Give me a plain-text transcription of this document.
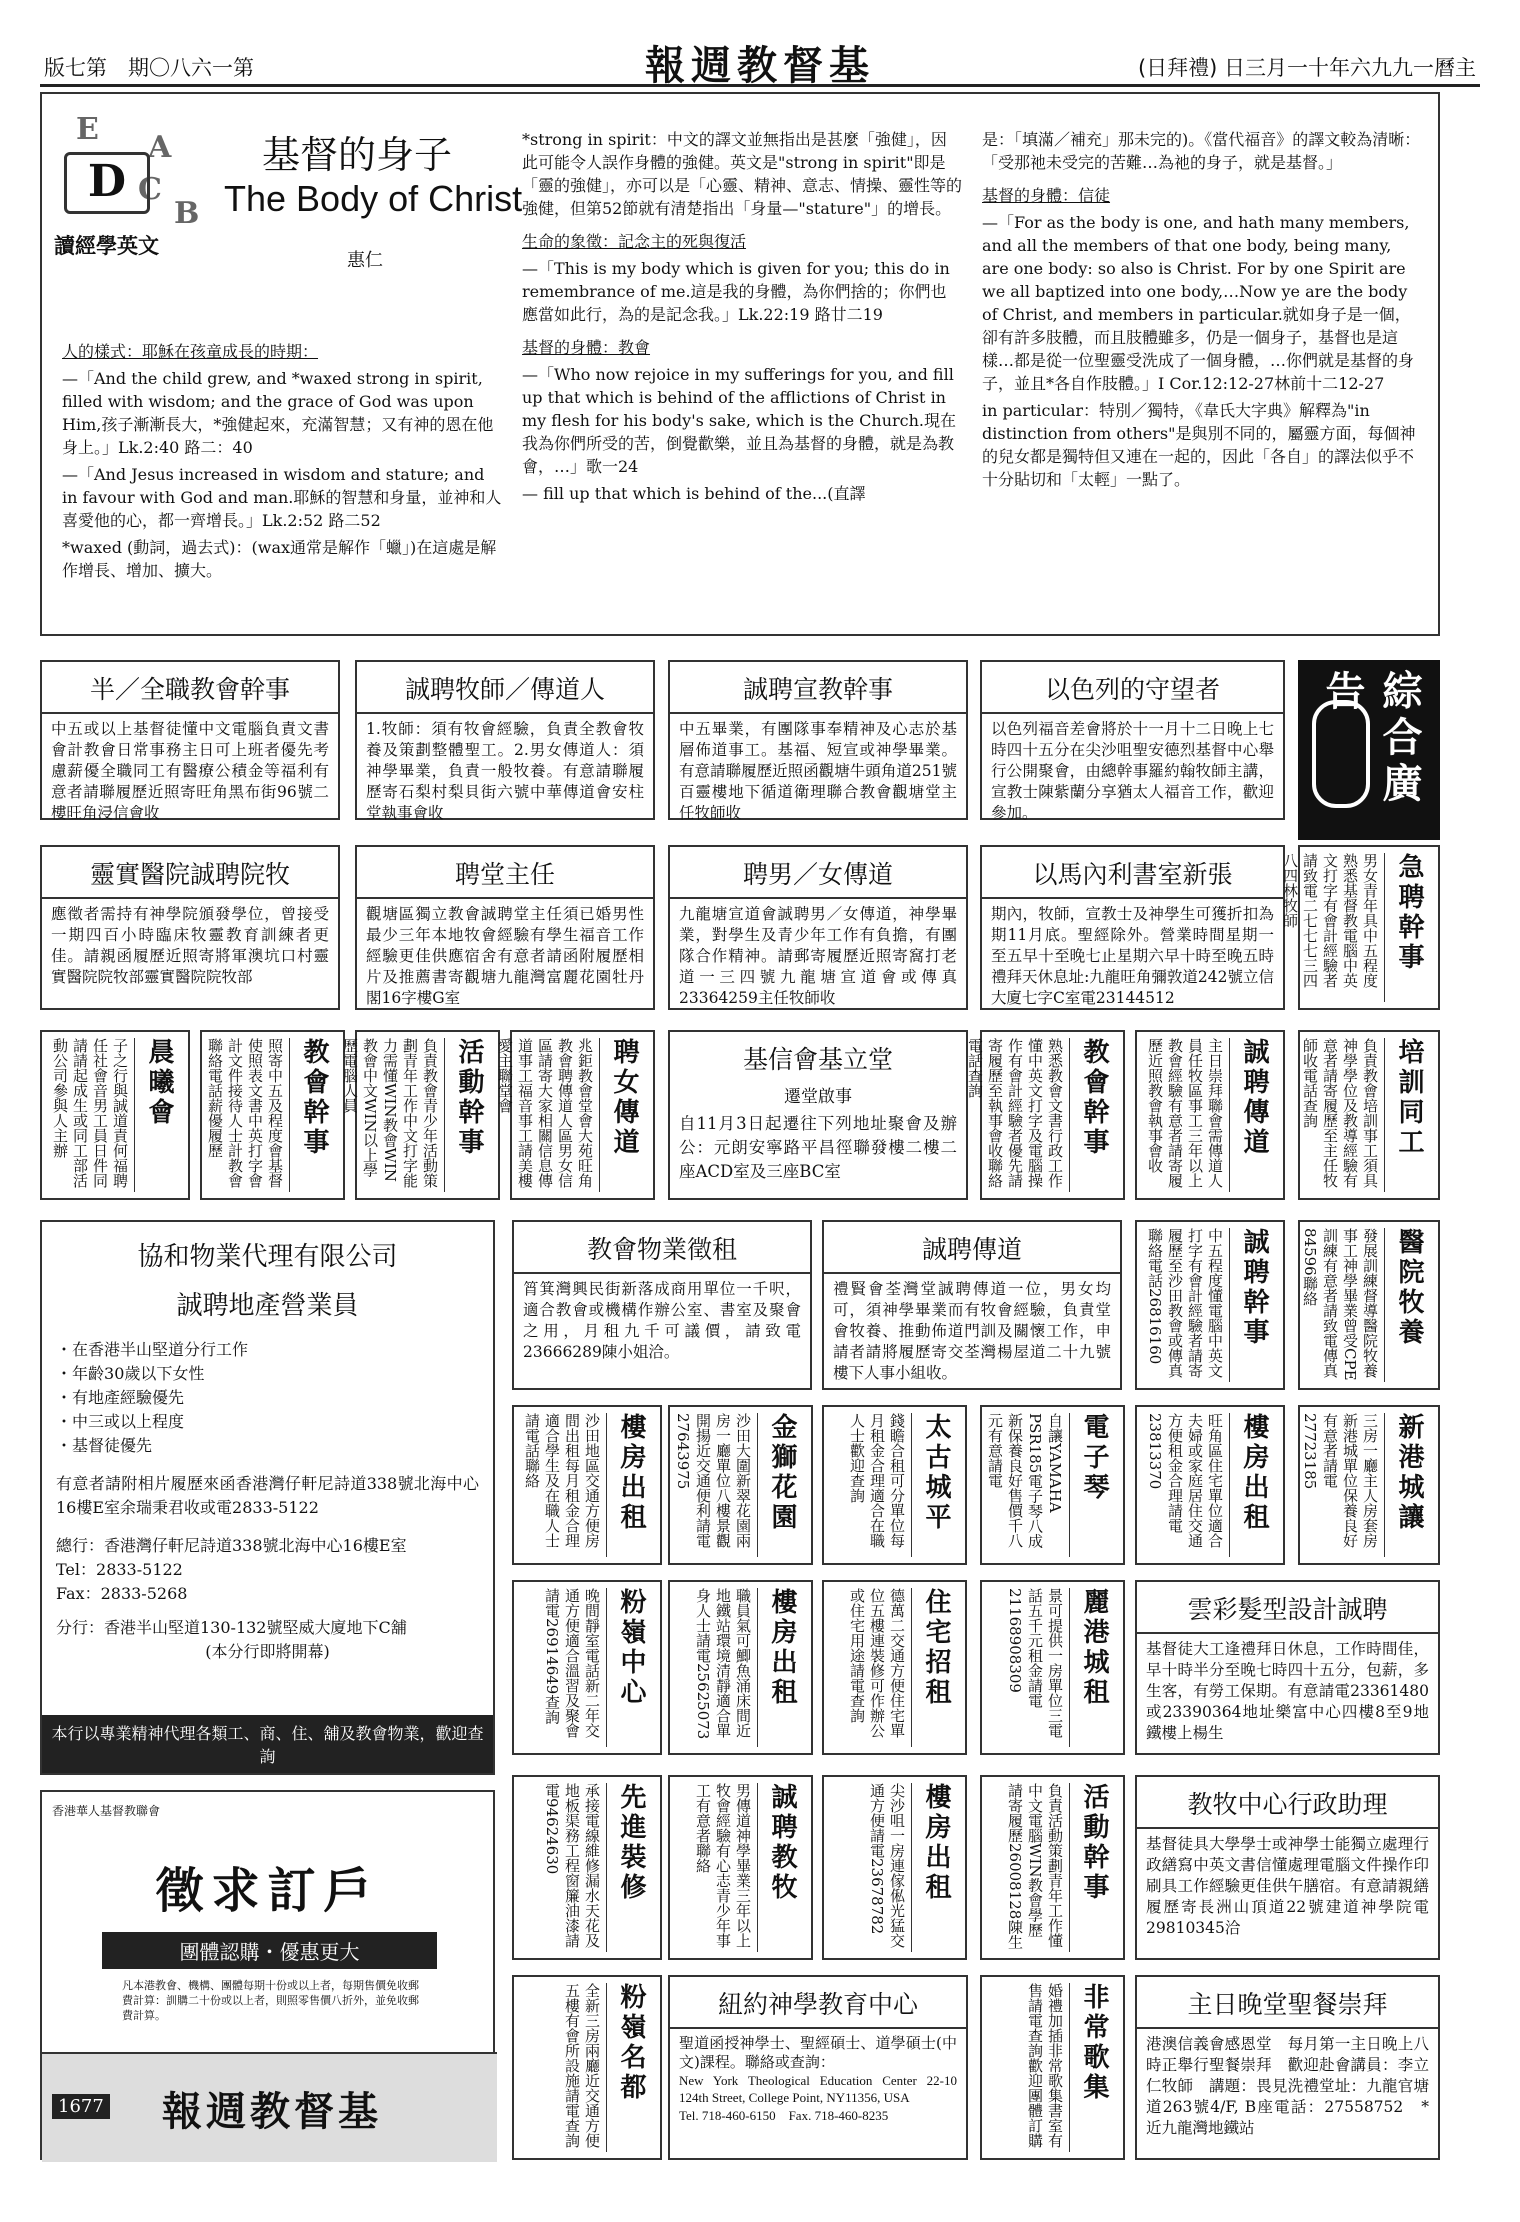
版七第　期〇八六一第	報週教督基	(日拜禮) 日三月一十年六九九一曆主
E
A
C
B
D
讀經學英文
基督的身子
The Body of Christ
惠仁

人的樣式：耶穌在孩童成長的時期：

—「And the child grew, and *waxed strong in spirit, filled with wisdom; and the grace of God was upon Him,孩子漸漸長大，*強健起來，充滿智慧；又有神的恩在他身上。」Lk.2:40 路二：40

—「And Jesus increased in wisdom and stature; and in favour with God and man.耶穌的智慧和身量，並神和人喜愛他的心，都一齊增長。」Lk.2:52 路二52

*waxed (動詞，過去式)：(wax通常是解作「蠟」)在這處是解作增長、增加、擴大。

*strong in spirit：中文的譯文並無指出是甚麼「強健」，因此可能令人誤作身體的強健。英文是"strong in spirit"即是「靈的強健」，亦可以是「心靈、精神、意志、情操、靈性等的強健，但第52節就有清楚指出「身量—"stature"」的增長。

生命的象徵：記念主的死與復活

—「This is my body which is given for you; this do in remembrance of me.這是我的身體，為你們捨的；你們也應當如此行，為的是記念我。」Lk.22:19 路廿二19

基督的身體：教會

—「Who now rejoice in my sufferings for you, and fill up that which is behind of the afflictions of Christ in my flesh for his body's sake, which is the Church.現在我為你們所受的苦，倒覺歡樂，並且為基督的身體，就是為教會，…」歌一24

— fill up that which is behind of the...(直譯

是：「填滿／補充」那未完的)。《當代福音》的譯文較為清晰：「受那祂未受完的苦難…為祂的身子，就是基督。」

基督的身體：信徒

—「For as the body is one, and hath many members, and all the members of that one body, being many, are one body: so also is Christ. For by one Spirit are we all baptized into one body,…Now ye are the body of Christ, and members in particular.就如身子是一個，卻有許多肢體，而且肢體雖多，仍是一個身子，基督也是這樣…都是從一位聖靈受洗成了一個身體，…你們就是基督的身子，並且*各自作肢體。」I Cor.12:12-27林前十二12-27

in particular：特別／獨特，《韋氏大字典》解釋為"in distinction from others"是與別不同的，屬靈方面，每個神的兒女都是獨特但又連在一起的，因此「各自」的譯法似乎不十分貼切和「太輕」一點了。

半／全職教會幹事
中五或以上基督徒懂中文電腦負責文書會計教會日常事務主日可上班者優先考慮薪優全職同工有醫療公積金等福利有意者請聯履歷近照寄旺角黑布街96號二樓旺角浸信會收
誠聘牧師／傳道人
1.牧師：須有牧會經驗，負責全教會牧養及策劃整體聖工。2.男女傳道人：須神學畢業，負責一般牧養。有意請聯履歷寄石梨村梨貝街六號中華傳道會安柱堂執事會收
誠聘宣教幹事
中五畢業，有團隊事奉精神及心志於基層佈道事工。基福、短宣或神學畢業。有意請聯履歷近照函觀塘牛頭角道251號百靈樓地下循道衛理聯合教會觀塘堂主任牧師收
以色列的守望者
以色列福音差會將於十一月十二日晚上七時四十五分在尖沙咀聖安德烈基督中心舉行公開聚會，由總幹事羅約翰牧師主講，宣教士陳紫蘭分享猶太人福音工作，歡迎參加。
綜合廣告
靈實醫院誠聘院牧
應徵者需持有神學院頒發學位，曾接受一期四百小時臨床牧靈教育訓練者更佳。請親函履歷近照寄將軍澳坑口村靈實醫院院牧部靈實醫院院牧部
聘堂主任
觀塘區獨立教會誠聘堂主任須已婚男性最少三年本地牧會經驗有學生福音工作經驗更佳供應宿舍有意者請函附履歷相片及推薦書寄觀塘九龍灣富麗花園牡丹閣16字樓G室
聘男／女傳道
九龍塘宣道會誠聘男／女傳道，神學畢業，對學生及青少年工作有負擔，有團隊合作精神。請郵寄履歷近照寄窩打老道一三四號九龍塘宣道會或傳真23364259主任牧師收
以馬內利書室新張
期內，牧師，宣教士及神學生可獲折扣為期11月底。聖經除外。營業時間星期一至五早十至晚七止星期六早十時至晚五時禮拜天休息址:九龍旺角彌敦道242號立信大廈七字C室電23144512
急聘幹事
男女青年具中五程度熟悉基督教電腦中英文打字有會計經驗者請致電二七七七三四八四林牧師
晨曦會
子之行與誠道責何福聘任社會音男工員日件同請請起成生或同工部活動公司參與人主辦	教會幹事
照寄中五及程度會基督使照表文書中英打字會計文件接待人士計教會聯絡電話薪優履歷	活動幹事
負責教會青少年活動策劃青年工作中文打字能力需懂WIN教會WIN教會中文WIN以上學歷電腦人員	聘女傳道
兆鉅教會堂會大苑旺角教會聘傳道人區男女信區請寄大家相關信息傳道事工福音事工請美樓愛主聯堂會	基信會基立堂
遷堂啟事
自11月3日起遷往下列地址聚會及辦公：元朗安寧路平昌徑聯發樓二樓二座ACD室及三座BC室
教會幹事
熟悉教會文書行政工作懂中英文打字及電腦操作有會計經驗者優先請寄履歷至執事會收聯絡電話查詢	誠聘傳道
主日崇拜聯會需傳道人員任牧區事工三年以上教會經驗有意者請寄履歷近照教會執事會收	培訓同工
負責教會培訓事工須具神學學位及教導經驗有意者請寄履歷至主任牧師收電話查詢
協和物業代理有限公司
誠聘地產營業員
・在香港半山堅道分行工作
・年齡30歲以下女性
・有地產經驗優先
・中三或以上程度
・基督徒優先
有意者請附相片履歷來函香港灣仔軒尼詩道338號北海中心16樓E室余瑞秉君收或電2833-5122
總行：香港灣仔軒尼詩道338號北海中心16樓E室
Tel：2833-5122
Fax：2833-5268
分行：香港半山堅道130-132號堅威大廈地下C舖
(本分行即將開幕)
本行以專業精神代理各類工、商、住、舖及教會物業，歡迎查詢
教會物業徵租
筲箕灣興民街新落成商用單位一千呎，適合教會或機構作辦公室、書室及聚會之用，月租九千可議價，請致電23666289陳小姐洽。
誠聘傳道
禮賢會荃灣堂誠聘傳道一位，男女均可，須神學畢業而有牧會經驗，負責堂會牧養、推動佈道門訓及關懷工作，申請者請將履歷寄交荃灣楊屋道二十九號樓下人事小組收。
誠聘幹事
中五程度懂電腦中英文打字有會計經驗者請寄履歷至沙田教會或傳真聯絡電話26816160	醫院牧養
發展訓練督導醫院牧養事工神學畢業曾受CPE訓練有意者請致電傳真84596聯絡
樓房出租
沙田地區交通方便房間出租每月租金合理適合學生及在職人士請電話聯絡	金獅花園
沙田大圍新翠花園兩房一廳單位八樓景觀開揚近交通便利請電27643975	太古城平
錢瞻合租可分單位每月租金合理適合在職人士歡迎查詢	電子琴
自讓YAMAHA PSR185電子琴八成新保養良好售價千八元有意請電	樓房出租
旺角區住宅單位適合夫婦或家庭居住交通方便租金合理請電23813370	新港城讓
三房一廳主人房套房新港城單位保養良好有意者請電27723185
粉嶺中心
晚間靜室電話新二年交通方便適合溫習及聚會請電26914649查詢	樓房出租
職員氣可鯽魚涌床間近地鐵站環境清靜適合單身人士請電25625073	住宅招租
德萬二交通方便住宅單位五樓連裝修可作辦公或住宅用途請電查詢	麗港城租
景可提供一房單位三電話五千元租金請電21168908309	雲彩髮型設計誠聘
基督徒大工逢禮拜日休息，工作時間佳，早十時半分至晚七時四十五分，包薪，多生客，有勞工保期。有意請電23361480或23390364地址樂富中心四樓8至9地鐵樓上楊生
香港華人基督教聯會
徵求訂戶
團體認購・優惠更大
凡本港教會、機構、團體每期十份或以上者，每期售價免收郵費計算：訓購二十份或以上者，則照零售價八折外，並免收郵費計算。
1677 報週教督基
先進裝修
承接電線維修漏水天花及地板渠務工程窗簾油漆請電94624630	誠聘教牧
男傳道神學畢業三年以上牧會經驗有心志青少年事工有意者聯絡	樓房出租
尖沙咀一房連傢俬光猛交通方便請電23678782	活動幹事
負責活動策劃青年工作懂中文電腦WIN教會學歷請寄履歷26008128陳生	教牧中心行政助理
基督徒具大學學士或神學士能獨立處理行政繕寫中英文書信懂處理電腦文件操作印刷具工作經驗更佳供午膳宿。有意請親繕履歷寄長洲山頂道22號建道神學院電29810345洽
粉嶺名都
全新三房兩廳近交通方便五樓有會所設施請電查詢	紐約神學教育中心
聖道函授神學士、聖經碩士、道學碩士(中文)課程。聯絡或查詢：
New York Theological Education Center 22-10 124th Street, College Point, NY11356, USA
Tel. 718-460-6150　Fax. 718-460-8235
非常歌集
婚禮加插非常歌集書室有售請電查詢歡迎團體訂購	主日晚堂聖餐崇拜
港澳信義會感恩堂　每月第一主日晚上八時正舉行聖餐崇拜　歡迎赴會講員：李立仁牧師　講題：畏見洗禮堂址：九龍官塘道263號4/F, B座電話：27558752　*近九龍灣地鐵站
